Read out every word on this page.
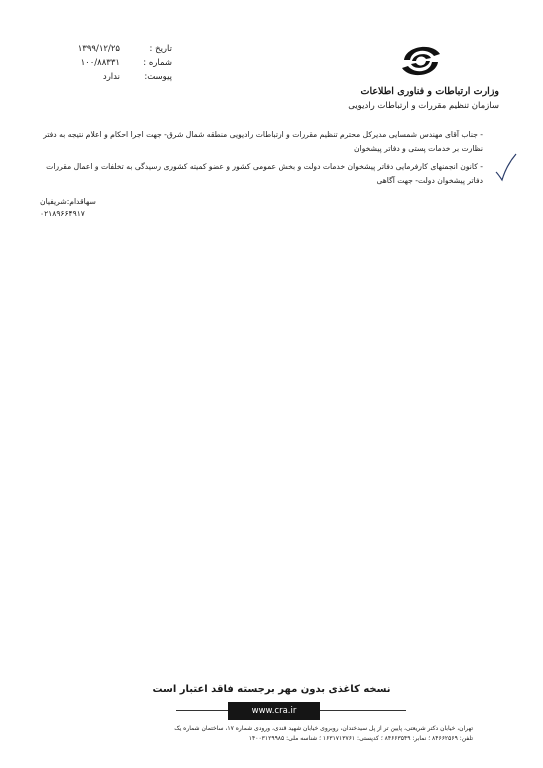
تاریخ :
۱۳۹۹/۱۲/۲۵
شماره :
۱۰۰/۸۸۳۳۱
پیوست:
ندارد
وزارت ارتباطات و فناوری اطلاعات
سازمان تنظیم مقررات و ارتباطات رادیویی
- جناب آقای مهندس شمسایی مدیرکل محترم تنظیم مقررات و ارتباطات رادیویی منطقه شمال شرق- جهت اجرا احکام و اعلام نتیجه به دفتر
نظارت بر خدمات پستی و دفاتر پیشخوان
- کانون انجمنهای کارفرمایی دفاتر پیشخوان خدمات دولت و بخش عمومی کشور و عضو کمیته کشوری رسیدگی به تخلفات و اعمال مقررات
دفاتر پیشخوان دولت- جهت آگاهی
سهاقدام:شریفیان
۰۲۱۸۹۶۶۴۹۱۷
نسخه کاغذی بدون مهر برجسته فاقد اعتبار است
www.cra.ir
تهران، خیابان دکتر شریعتی، پایین تر از پل سیدخندان، روبروی خیابان شهید قندی، ورودی شماره ۱۷، ساختمان شماره یک
تلفن: ۸۴۶۶۲۵۶۹ ؛ نمابر: ۸۴۶۶۳۵۴۹ ؛ کدپستی: ۱۶۳۱۷۱۳۷۶۱ ؛ شناسه ملی: ۱۴۰۰۳۱۲۹۹۸۵
